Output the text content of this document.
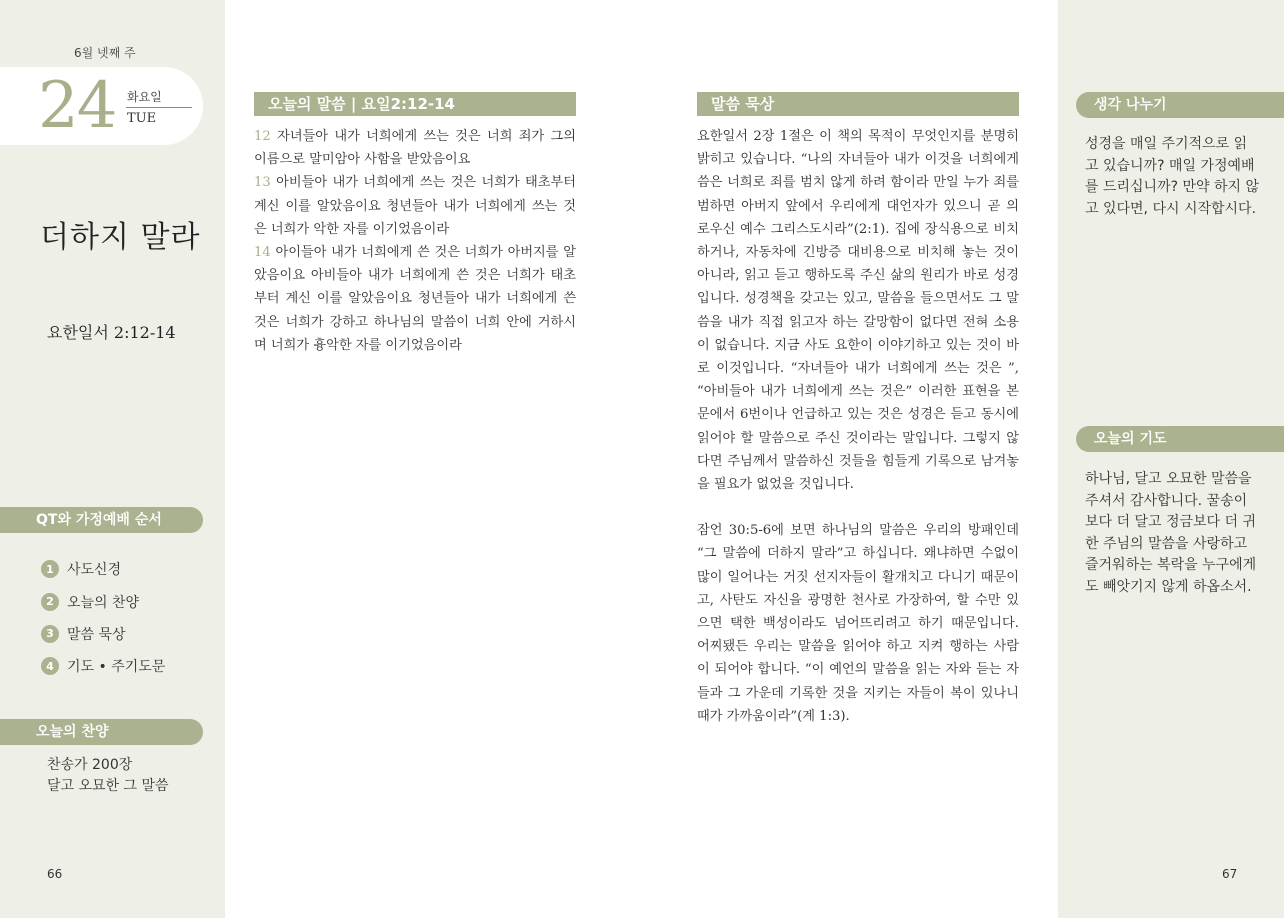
6월 넷째 주
24 화요일
TUE
더하지 말라
요한일서 2:12-14
QT와 가정예배 순서
1 사도신경
2 오늘의 찬양
3 말씀 묵상
4 기도 • 주기도문
오늘의 찬양
찬송가 200장
달고 오묘한 그 말씀
66
오늘의 말씀 | 요일2:12-14
12 자녀들아 내가 너희에게 쓰는 것은 너희 죄가 그의 이름으로 말미암아 사함을 받았음이요
13 아비들아 내가 너희에게 쓰는 것은 너희가 태초부터 계신 이를 알았음이요 청년들아 내가 너희에게 쓰는 것은 너희가 악한 자를 이기었음이라
14 아이들아 내가 너희에게 쓴 것은 너희가 아버지를 알았음이요 아비들아 내가 너희에게 쓴 것은 너희가 태초부터 계신 이를 알았음이요 청년들아 내가 너희에게 쓴 것은 너희가 강하고 하나님의 말씀이 너희 안에 거하시며 너희가 흉악한 자를 이기었음이라
말씀 묵상

요한일서 2장 1절은 이 책의 목적이 무엇인지를 분명히 밝히고 있습니다. “나의 자녀들아 내가 이것을 너희에게 씀은 너희로 죄를 범치 않게 하려 함이라 만일 누가 죄를 범하면 아버지 앞에서 우리에게 대언자가 있으니 곧 의로우신 예수 그리스도시라”(2:1). 집에 장식용으로 비치하거나, 자동차에 긴방증 대비용으로 비치해 놓는 것이 아니라, 읽고 듣고 행하도록 주신 삶의 원리가 바로 성경입니다. 성경책을 갖고는 있고, 말씀을 들으면서도 그 말씀을 내가 직접 읽고자 하는 갈망함이 없다면 전혀 소용이 없습니다. 지금 사도 요한이 이야기하고 있는 것이 바로 이것입니다. “자녀들아 내가 너희에게 쓰는 것은 ”, “아비들아 내가 너희에게 쓰는 것은” 이러한 표현을 본문에서 6번이나 언급하고 있는 것은 성경은 듣고 동시에 읽어야 할 말씀으로 주신 것이라는 말입니다. 그렇지 않다면 주님께서 말씀하신 것들을 힘들게 기록으로 남겨놓을 필요가 없었을 것입니다.

잠언 30:5-6에 보면 하나님의 말씀은 우리의 방패인데 “그 말씀에 더하지 말라”고 하십니다. 왜냐하면 수없이 많이 일어나는 거짓 선지자들이 활개치고 다니기 때문이고, 사탄도 자신을 광명한 천사로 가장하여, 할 수만 있으면 택한 백성이라도 넘어뜨리려고 하기 때문입니다. 어찌됐든 우리는 말씀을 읽어야 하고 지켜 행하는 사람이 되어야 합니다. “이 예언의 말씀을 읽는 자와 듣는 자들과 그 가운데 기록한 것을 지키는 자들이 복이 있나니 때가 가까움이라”(계 1:3).

생각 나누기
성경을 매일 주기적으로 읽고 있습니까? 매일 가정예배를 드리십니까? 만약 하지 않고 있다면, 다시 시작합시다.
오늘의 기도
하나님, 달고 오묘한 말씀을 주셔서 감사합니다. 꿀송이보다 더 달고 정금보다 더 귀한 주님의 말씀을 사랑하고 즐거워하는 복락을 누구에게도 빼앗기지 않게 하옵소서.
67
